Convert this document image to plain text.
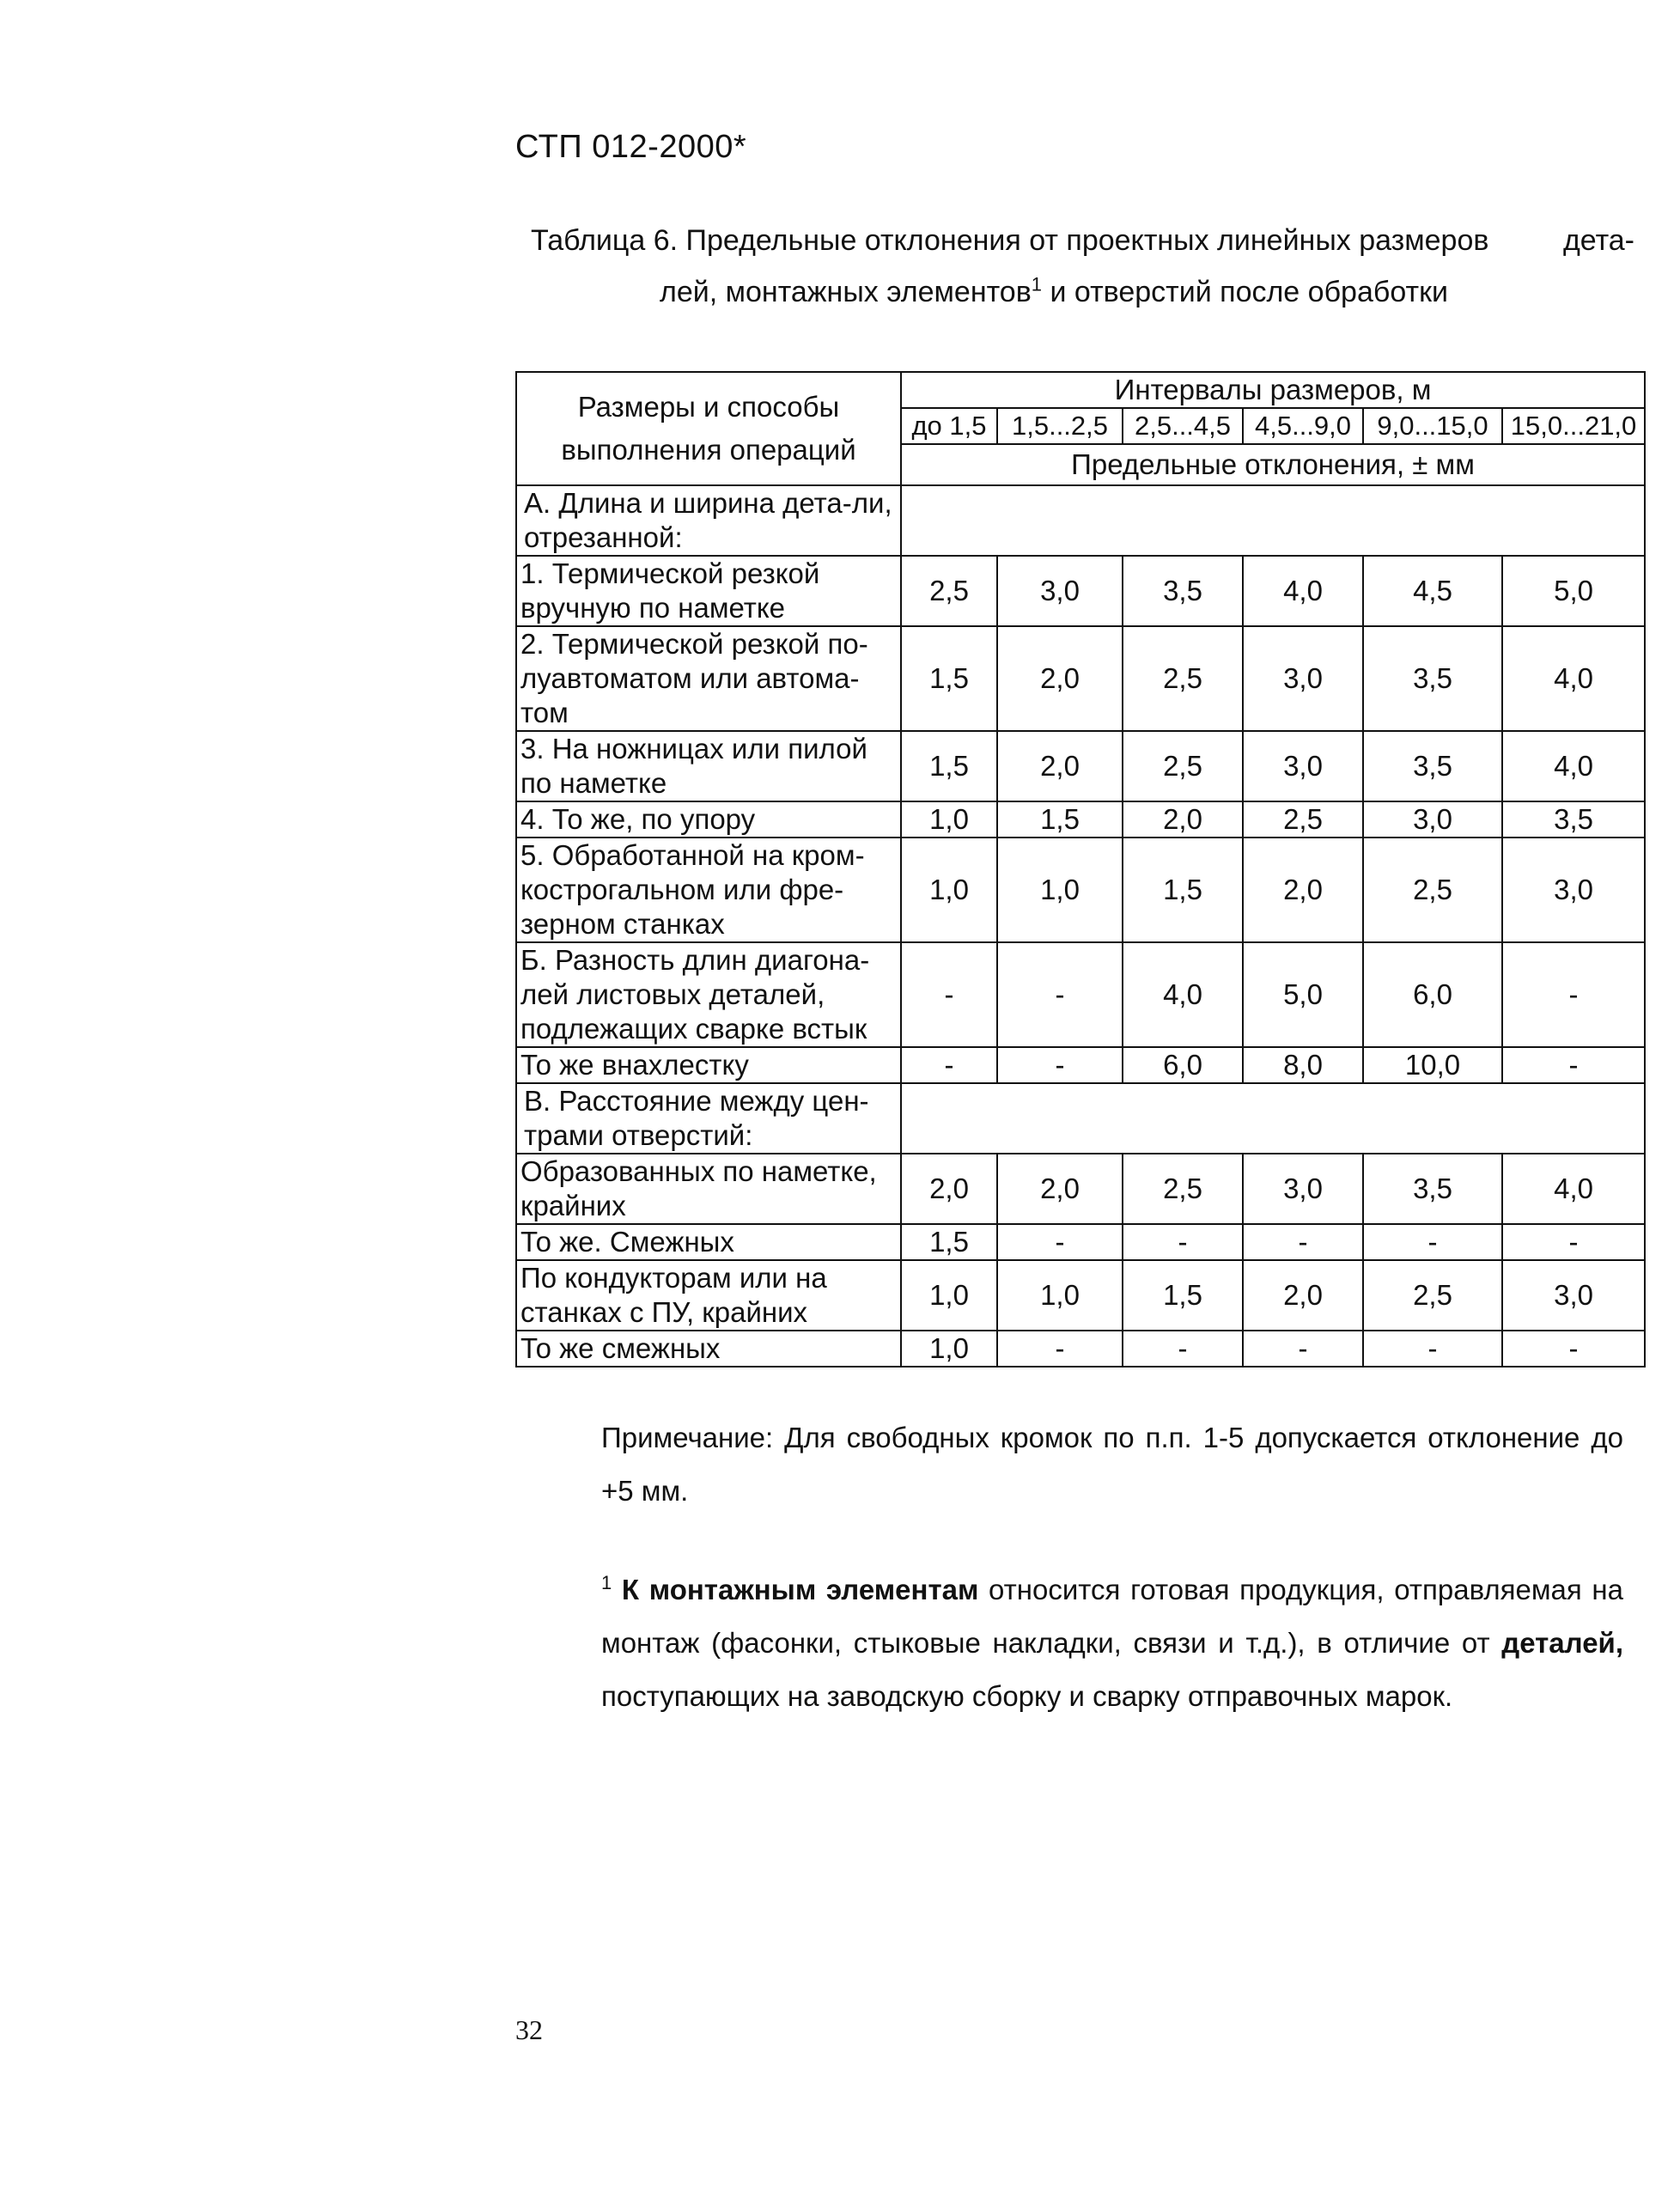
СТП 012-2000*
Таблица 6. Предельные отклонения от проектных линейных размеров	дета-
лей, монтажных элементов$^1$ и отверстий после обработки
Размеры и способы выполнения операций	Интервалы размеров, м					
	до 1,5	1,5...2,5	2,5...4,5	4,5...9,0	9,0...15,0	15,0...21,0
	Предельные отклонения, ± мм					
А. Длина и ширина дета-ли, отрезанной:						
1. Термической резкой вручную по наметке	2,5	3,0	3,5	4,0	4,5	5,0
2. Термической резкой по-луавтоматом или автома-том	1,5	2,0	2,5	3,0	3,5	4,0
3. На ножницах или пилой по наметке	1,5	2,0	2,5	3,0	3,5	4,0
4. То же, по упору	1,0	1,5	2,0	2,5	3,0	3,5
5. Обработанной на кром-кострогальном или фре-зерном станках	1,0	1,0	1,5	2,0	2,5	3,0
Б. Разность длин диагона-лей листовых деталей, подлежащих сварке встык	-	-	4,0	5,0	6,0	-
То же внахлестку	-	-	6,0	8,0	10,0	-
В. Расстояние между цен-трами отверстий:						
Образованных по наметке, крайних	2,0	2,0	2,5	3,0	3,5	4,0
То же. Смежных	1,5	-	-	-	-	-
По кондукторам или на станках с ПУ, крайних	1,0	1,0	1,5	2,0	2,5	3,0
То же смежных	1,0	-	-	-	-	-
Примечание: Для свободных кромок по п.п. 1-5 допускается отклонение до +5 мм.
$^1$ К монтажным элементам относится готовая продукция, отправляемая на монтаж (фасонки, стыковые накладки, связи и т.д.), в отличие от деталей, поступающих на заводскую сборку и сварку отправочных марок.
32
